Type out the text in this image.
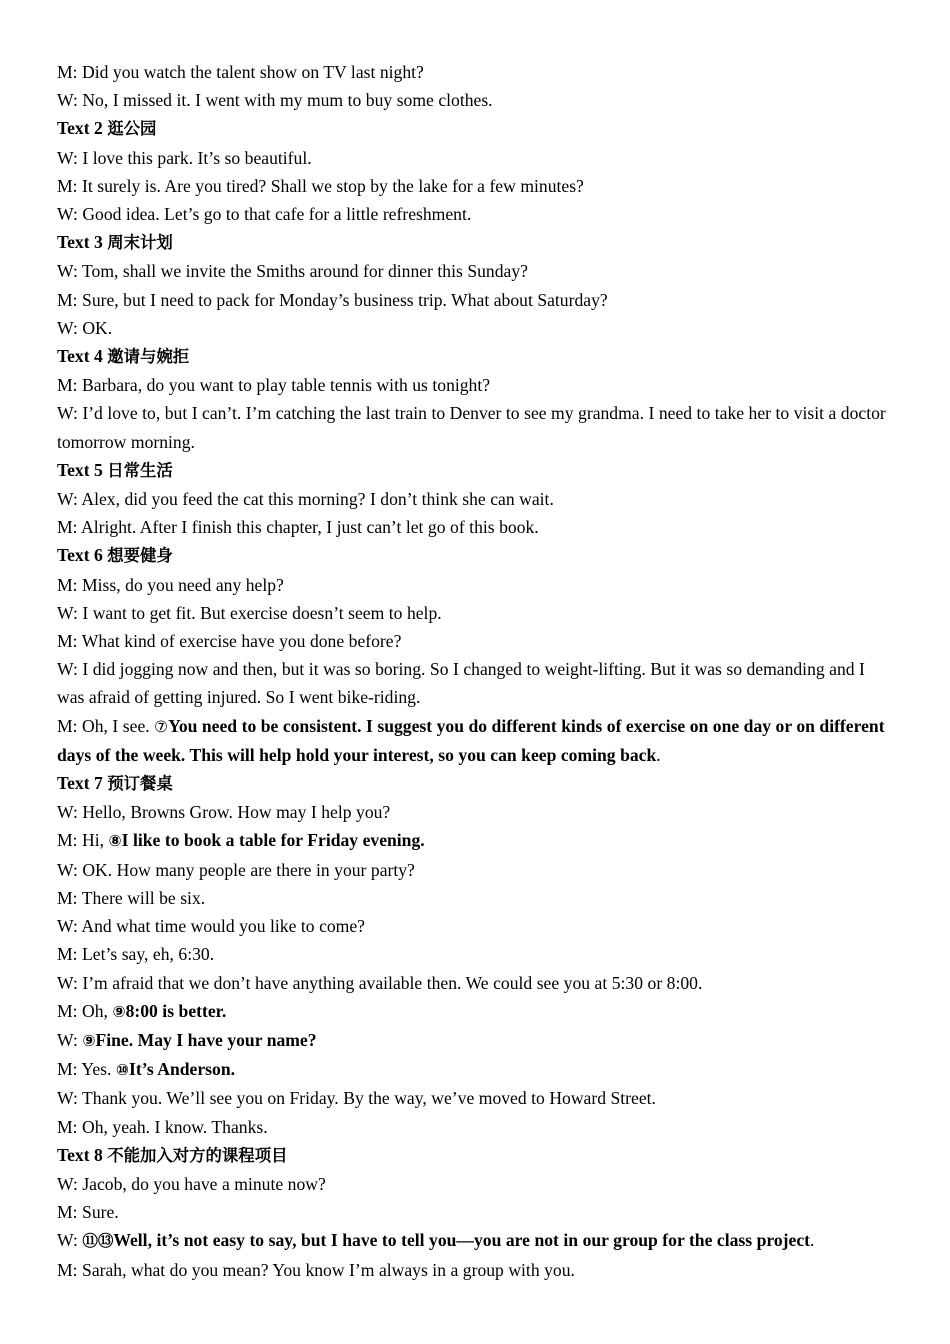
M: Did you watch the talent show on TV last night?
W: No, I missed it. I went with my mum to buy some clothes.
Text 2 逛公园
W: I love this park. It’s so beautiful.
M: It surely is. Are you tired? Shall we stop by the lake for a few minutes?
W: Good idea. Let’s go to that cafe for a little refreshment.
Text 3 周末计划
W: Tom, shall we invite the Smiths around for dinner this Sunday?
M: Sure, but I need to pack for Monday’s business trip. What about Saturday?
W: OK.
Text 4 邀请与婉拒
M: Barbara, do you want to play table tennis with us tonight?
W: I’d love to, but I can’t. I’m catching the last train to Denver to see my grandma. I need to take her to visit a doctor tomorrow morning.
Text 5 日常生活
W: Alex, did you feed the cat this morning? I don’t think she can wait.
M: Alright. After I finish this chapter, I just can’t let go of this book.
Text 6 想要健身
M: Miss, do you need any help?
W: I want to get fit. But exercise doesn’t seem to help.
M: What kind of exercise have you done before?
W: I did jogging now and then, but it was so boring. So I changed to weight-lifting. But it was so demanding and I was afraid of getting injured. So I went bike-riding.
M: Oh, I see. ⑦You need to be consistent. I suggest you do different kinds of exercise on one day or on different days of the week. This will help hold your interest, so you can keep coming back.
Text 7 预订餐桌
W: Hello, Browns Grow. How may I help you?
M: Hi, ⑧I like to book a table for Friday evening.
W: OK. How many people are there in your party?
M: There will be six.
W: And what time would you like to come?
M: Let’s say, eh, 6:30.
W: I’m afraid that we don’t have anything available then. We could see you at 5:30 or 8:00.
M: Oh, ⑨8:00 is better.
W: ⑨Fine. May I have your name?
M: Yes. ⑩It’s Anderson.
W: Thank you. We’ll see you on Friday. By the way, we’ve moved to Howard Street.
M: Oh, yeah. I know. Thanks.
Text 8 不能加入对方的课程项目
W: Jacob, do you have a minute now?
M: Sure.
W: ⑪⑬Well, it’s not easy to say, but I have to tell you—you are not in our group for the class project.
M: Sarah, what do you mean? You know I’m always in a group with you.
